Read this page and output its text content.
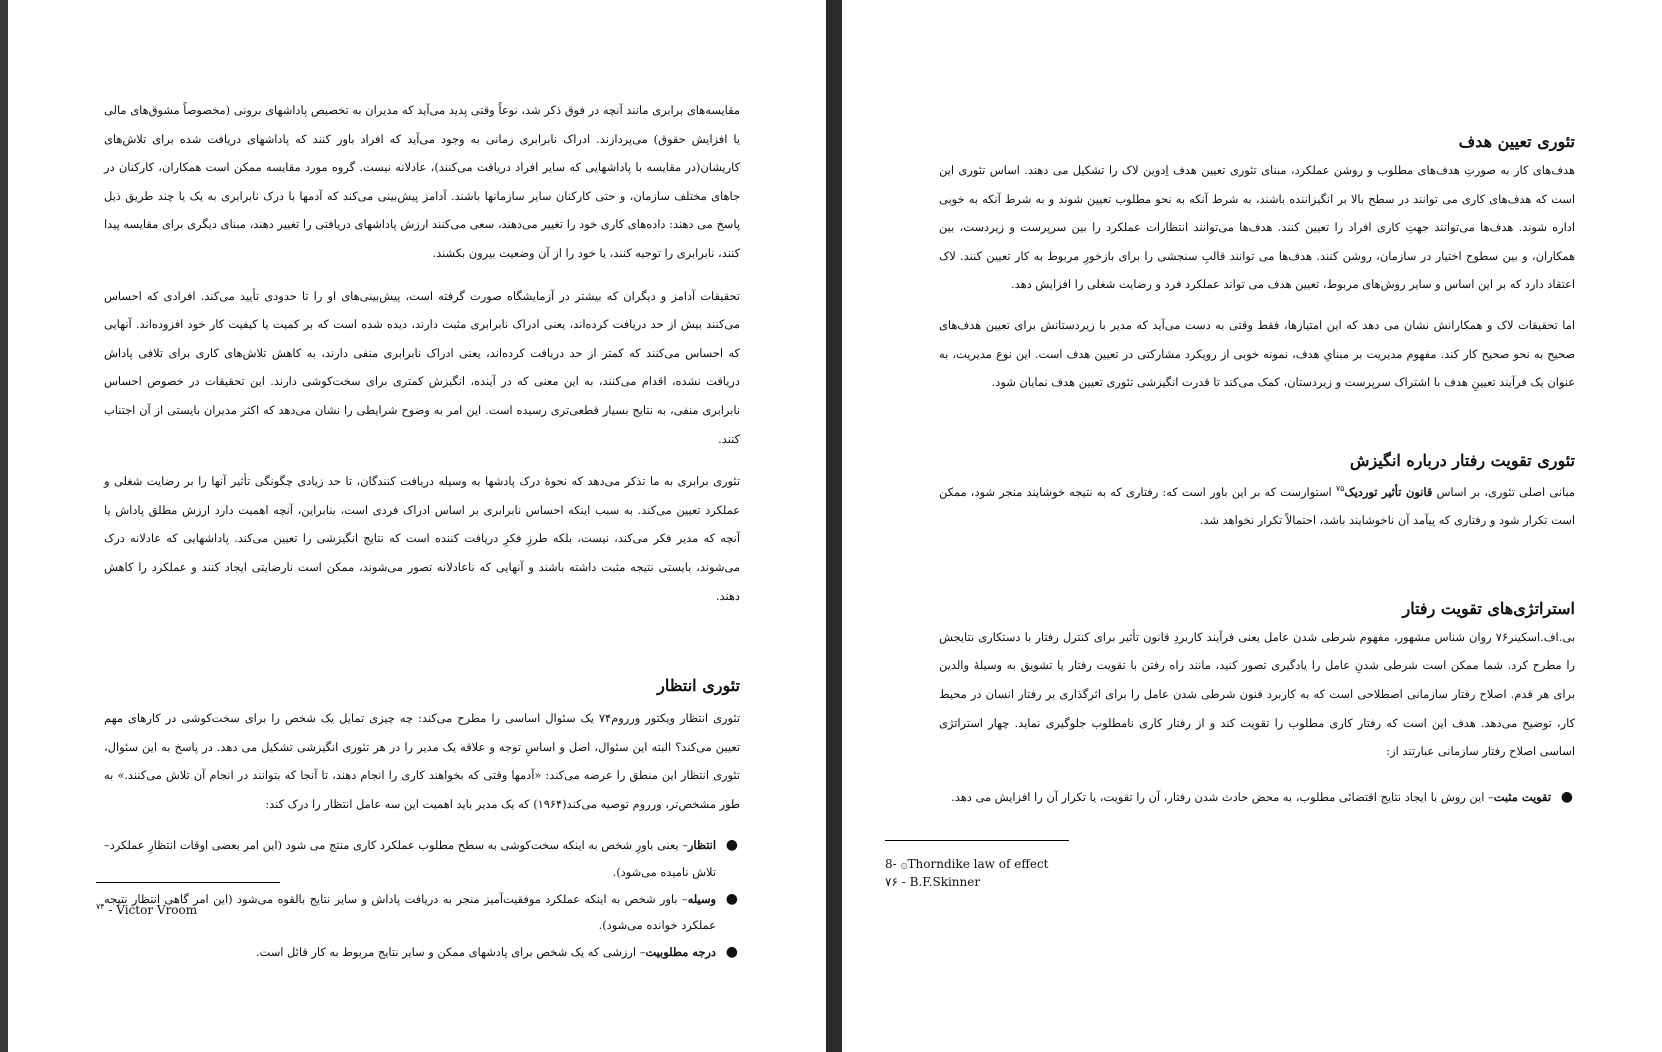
مقایسه‌های برابری مانند آنچه در فوق ذکر شد، نوعاً وقتی پدید می‌آید که مدیران به تخصیص پاداشهای برونی (مخصوصاً مشوق‌های مالی یا افزایش حقوق) می‌پردازند. ادراک نابرابری زمانی به وجود می‌آید که افراد باور کنند که پاداشهای دریافت شده برای تلاش‌های کاریشان(در مقایسه با پاداشهایی که سایر افراد دریافت می‌کنند)، عادلانه نیست. گروه مورد مقایسه ممکن است همکاران، کارکنان در جاهای مختلف سازمان، و حتی کارکنان سایر سازمانها باشند. آدامز پیش‌بینی می‌کند که آدمها با درک نابرابری به یک یا چند طریق ذیل پاسخ می دهند: داده‌های کاری خود را تغییر می‌دهند، سعی می‌کنند ارزش پاداشهای دریافتی را تغییر دهند، مبنای دیگری برای مقایسه پیدا کنند، نابرابری را توجیه کنند، یا خود را از آن وضعیت بیرون بکشند.

تحقیقات آدامز و دیگران که بیشتر در آزمایشگاه صورت گرفته است، پیش‌بینی‌های او را تا حدودی تأیید می‌کند. افرادی که احساس می‌کنند بیش از حد دریافت کرده‌اند، یعنی ادراک نابرابری مثبت دارند، دیده شده است که بر کمیت یا کیفیت کار خود افزوده‌اند. آنهایی که احساس می‌کنند که کمتر از حد دریافت کرده‌اند، یعنی ادراک نابرابری منفی دارند، به کاهش تلاش‌های کاری برای تلافی پاداش دریافت نشده، اقدام می‌کنند، به این معنی که در آینده، انگیزش کمتری برای سخت‌کوشی دارند. این تحقیقات در خصوص احساس نابرابری منفی، به نتایج بسیار قطعی‌تری رسیده است. این امر به وضوح شرایطی را نشان می‌دهد که اکثر مدیران بایستی از آن اجتناب کنند.

تئوری برابری به ما تذکر می‌دهد که نحوهٔ درک پادشها به وسیله دریافت کنندگان، تا حد زیادی چگونگی تأثیر آنها را بر رضایت شغلی و عملکرد تعیین می‌کند. به سبب اینکه احساس نابرابری بر اساس ادراک فردی است، بنابراین، آنچه اهمیت دارد ارزش مطلق پاداش یا آنچه که مدیر فکر می‌کند، نیست، بلکه طرزِ فکرِ دریافت کننده است که نتایج انگیزشی را تعیین می‌کند. پاداشهایی که عادلانه درک می‌شوند، بایستی نتیجه مثبت داشته باشند و آنهایی که ناعادلانه تصور می‌شوند، ممکن است نارضایتی ایجاد کنند و عملکرد را کاهش دهند.

تئوری انتظار

تئوری انتظار ویکتور ورروم۷۴ یک سئوال اساسی را مطرح می‌کند: چه چیزی تمایل یک شخص را برای سخت‌کوشی در کارهای مهم تعیین می‌کند؟ البته این سئوال، اصل و اساسِ توجه و علاقه یک مدیر را در هر تئوری انگیزشی تشکیل می دهد. در پاسخ به این سئوال، تئوری انتظار این منطق را عرضه می‌کند: «آدمها وقتی که بخواهند کاری را انجام دهند، تا آنجا که بتوانند در انجام آن تلاش می‌کنند.» به طور مشخص‌تر، ورروم توصیه می‌کند(۱۹۶۴) که یک مدیر باید اهمیت این سه عامل انتظار را درک کند:

●
انتظار– یعنی باورِ شخص به اینکه سخت‌کوشی به سطح مطلوب عملکرد کاری منتج می شود (این امر بعضی اوقات انتظارِ عملکرد– تلاش نامیده می‌شود).
●
وسیله– باور شخص به اینکه عملکرد موفقیت‌آمیز منجر به دریافت پاداش و سایر نتایج بالقوه می‌شود (این امر گاهی انتظار نتیجه عملکرد خوانده می‌شود).
●
درجه مطلوبیت– ارزشی که یک شخص برای پادشهای ممکن و سایر نتایج مربوط به کار قائل است.
$^{۷۴}$ - Victor Vroom
تئوری تعیین هدف

هدف‌های کار به صورتِ هدف‌های مطلوب و روشن عملکرد، مبنای تئوری تعیین هدف اِدوین لاک را تشکیل می دهند. اساس تئوری این است که هدف‌های کاری می توانند در سطح بالا بر انگیزاننده باشند، به شرط آنکه به نحو مطلوب تعیین شوند و به شرط آنکه به خوبی اداره شوند. هدف‌ها می‌توانند جهتِ کاری افراد را تعیین کنند. هدف‌ها می‌توانند انتظارات عملکرد را بین سرپرست و زیردست، بین همکاران، و بین سطوح اختیار در سازمان، روشن کنند. هدف‌ها می توانند قالبِ سنجشی را برای بازخورِ مربوط به کار تعیین کنند. لاک اعتقاد دارد که بر این اساس و سایر روش‌های مربوط، تعیین هدف می تواند عملکرد فرد و رضایت شغلی را افزایش دهد.

اما تحقیقات لاک و همکارانش نشان می دهد که این امتیازها، فقط وقتی به دست می‌آید که مدیر با زیردستانش برای تعیین هدف‌های صحیح به نحو صحیح کار کند. مفهوم مدیریت بر مبنایِ هدف، نمونه خوبی از رویکرد مشارکتی در تعیین هدف است. این نوع مدیریت، به عنوان یک فرآیند تعیینِ هدف با اشتراک سرپرست و زیردستان، کمک می‌کند تا قدرت انگیزشی تئوری تعیین هدف نمایان شود.

تئوری تقویت رفتار درباره انگیزش

مبانی اصلی تئوری، بر اساس قانون تأثیر توردیک$^{۷۵}$ استوارست که بر این باور است که: رفتاری که به نتیجه خوشایند منجر شود، ممکن است تکرار شود و رفتاری که پیآمد آن ناخوشایند باشد، احتمالاً تکرار نخواهد شد.

استراتژی‌های تقویت رفتار

بی.اف.اسکینر۷۶ روان شناس مشهور، مفهوم شرطی شدن عامل یعنی فرآیند کاربردِ قانون تأثیر برای کنترل رفتار با دستکاری نتایجش را مطرح کرد. شما ممکن است شرطی شدنِ عامل را یادگیری تصور کنید، مانند راه رفتن با تقویت رفتار یا تشویق به وسیلهٔ والدین برای هر قدم. اصلاح رفتار سازمانی اصطلاحی است که به کاربرد فنون شرطی شدن عامل را برای اثرگذاری بر رفتار انسان در محیط کار، توضیح می‌دهد. هدف این است که رفتار کاری مطلوب را تقویت کند و از رفتار کاری نامطلوب جلوگیری نماید. چهار استراتژی اساسی اصلاح رفتار سازمانی عبارتند از:

●
تقویت مثبت– این روش با ایجاد نتایج اقتضائی مطلوب، به محض حادث شدن رفتار، آن را تقویت، یا تکرار آن را افزایش می دهد.
8- ۞Thorndike law of effect
۷۶ - B.F.Skinner
